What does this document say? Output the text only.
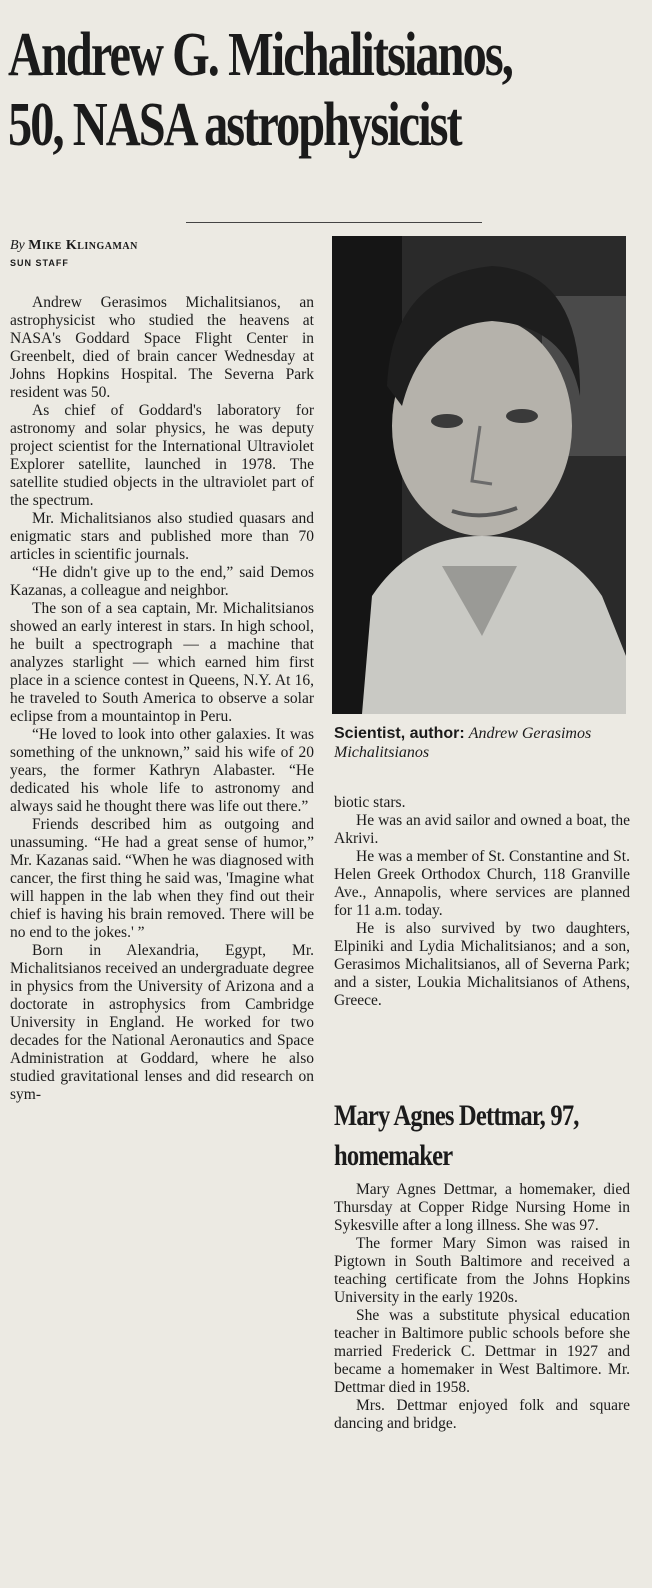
Andrew G. Michalitsianos,
50, NASA astrophysicist
By Mike Klingaman
SUN STAFF

Andrew Gerasimos Michalitsianos, an astrophysicist who studied the heavens at NASA's Goddard Space Flight Center in Greenbelt, died of brain cancer Wednesday at Johns Hopkins Hospital. The Severna Park resident was 50.

As chief of Goddard's laboratory for astronomy and solar physics, he was deputy project scientist for the International Ultraviolet Explorer satellite, launched in 1978. The satellite studied objects in the ultraviolet part of the spectrum.

Mr. Michalitsianos also studied quasars and enigmatic stars and published more than 70 articles in scientific journals.

“He didn't give up to the end,” said Demos Kazanas, a colleague and neighbor.

The son of a sea captain, Mr. Michalitsianos showed an early interest in stars. In high school, he built a spectrograph — a machine that analyzes starlight — which earned him first place in a science contest in Queens, N.Y. At 16, he traveled to South America to observe a solar eclipse from a mountaintop in Peru.

“He loved to look into other galaxies. It was something of the unknown,” said his wife of 20 years, the former Kathryn Alabaster. “He dedicated his whole life to astronomy and always said he thought there was life out there.”

Friends described him as outgoing and unassuming. “He had a great sense of humor,” Mr. Kazanas said. “When he was diagnosed with cancer, the first thing he said was, 'Imagine what will happen in the lab when they find out their chief is having his brain removed. There will be no end to the jokes.' ”

Born in Alexandria, Egypt, Mr. Michalitsianos received an undergraduate degree in physics from the University of Arizona and a doctorate in astrophysics from Cambridge University in England. He worked for two decades for the National Aeronautics and Space Administration at Goddard, where he also studied gravitational lenses and did research on sym-

Scientist, author: Andrew Gerasimos Michalitsianos

biotic stars.

He was an avid sailor and owned a boat, the Akrivi.

He was a member of St. Constantine and St. Helen Greek Orthodox Church, 118 Granville Ave., Annapolis, where services are planned for 11 a.m. today.

He is also survived by two daughters, Elpiniki and Lydia Michalitsianos; and a son, Gerasimos Michalitsianos, all of Severna Park; and a sister, Loukia Michalitsianos of Athens, Greece.

Mary Agnes Dettmar, 97,
homemaker

Mary Agnes Dettmar, a homemaker, died Thursday at Copper Ridge Nursing Home in Sykesville after a long illness. She was 97.

The former Mary Simon was raised in Pigtown in South Baltimore and received a teaching certificate from the Johns Hopkins University in the early 1920s.

She was a substitute physical education teacher in Baltimore public schools before she married Frederick C. Dettmar in 1927 and became a homemaker in West Baltimore. Mr. Dettmar died in 1958.

Mrs. Dettmar enjoyed folk and square dancing and bridge.
